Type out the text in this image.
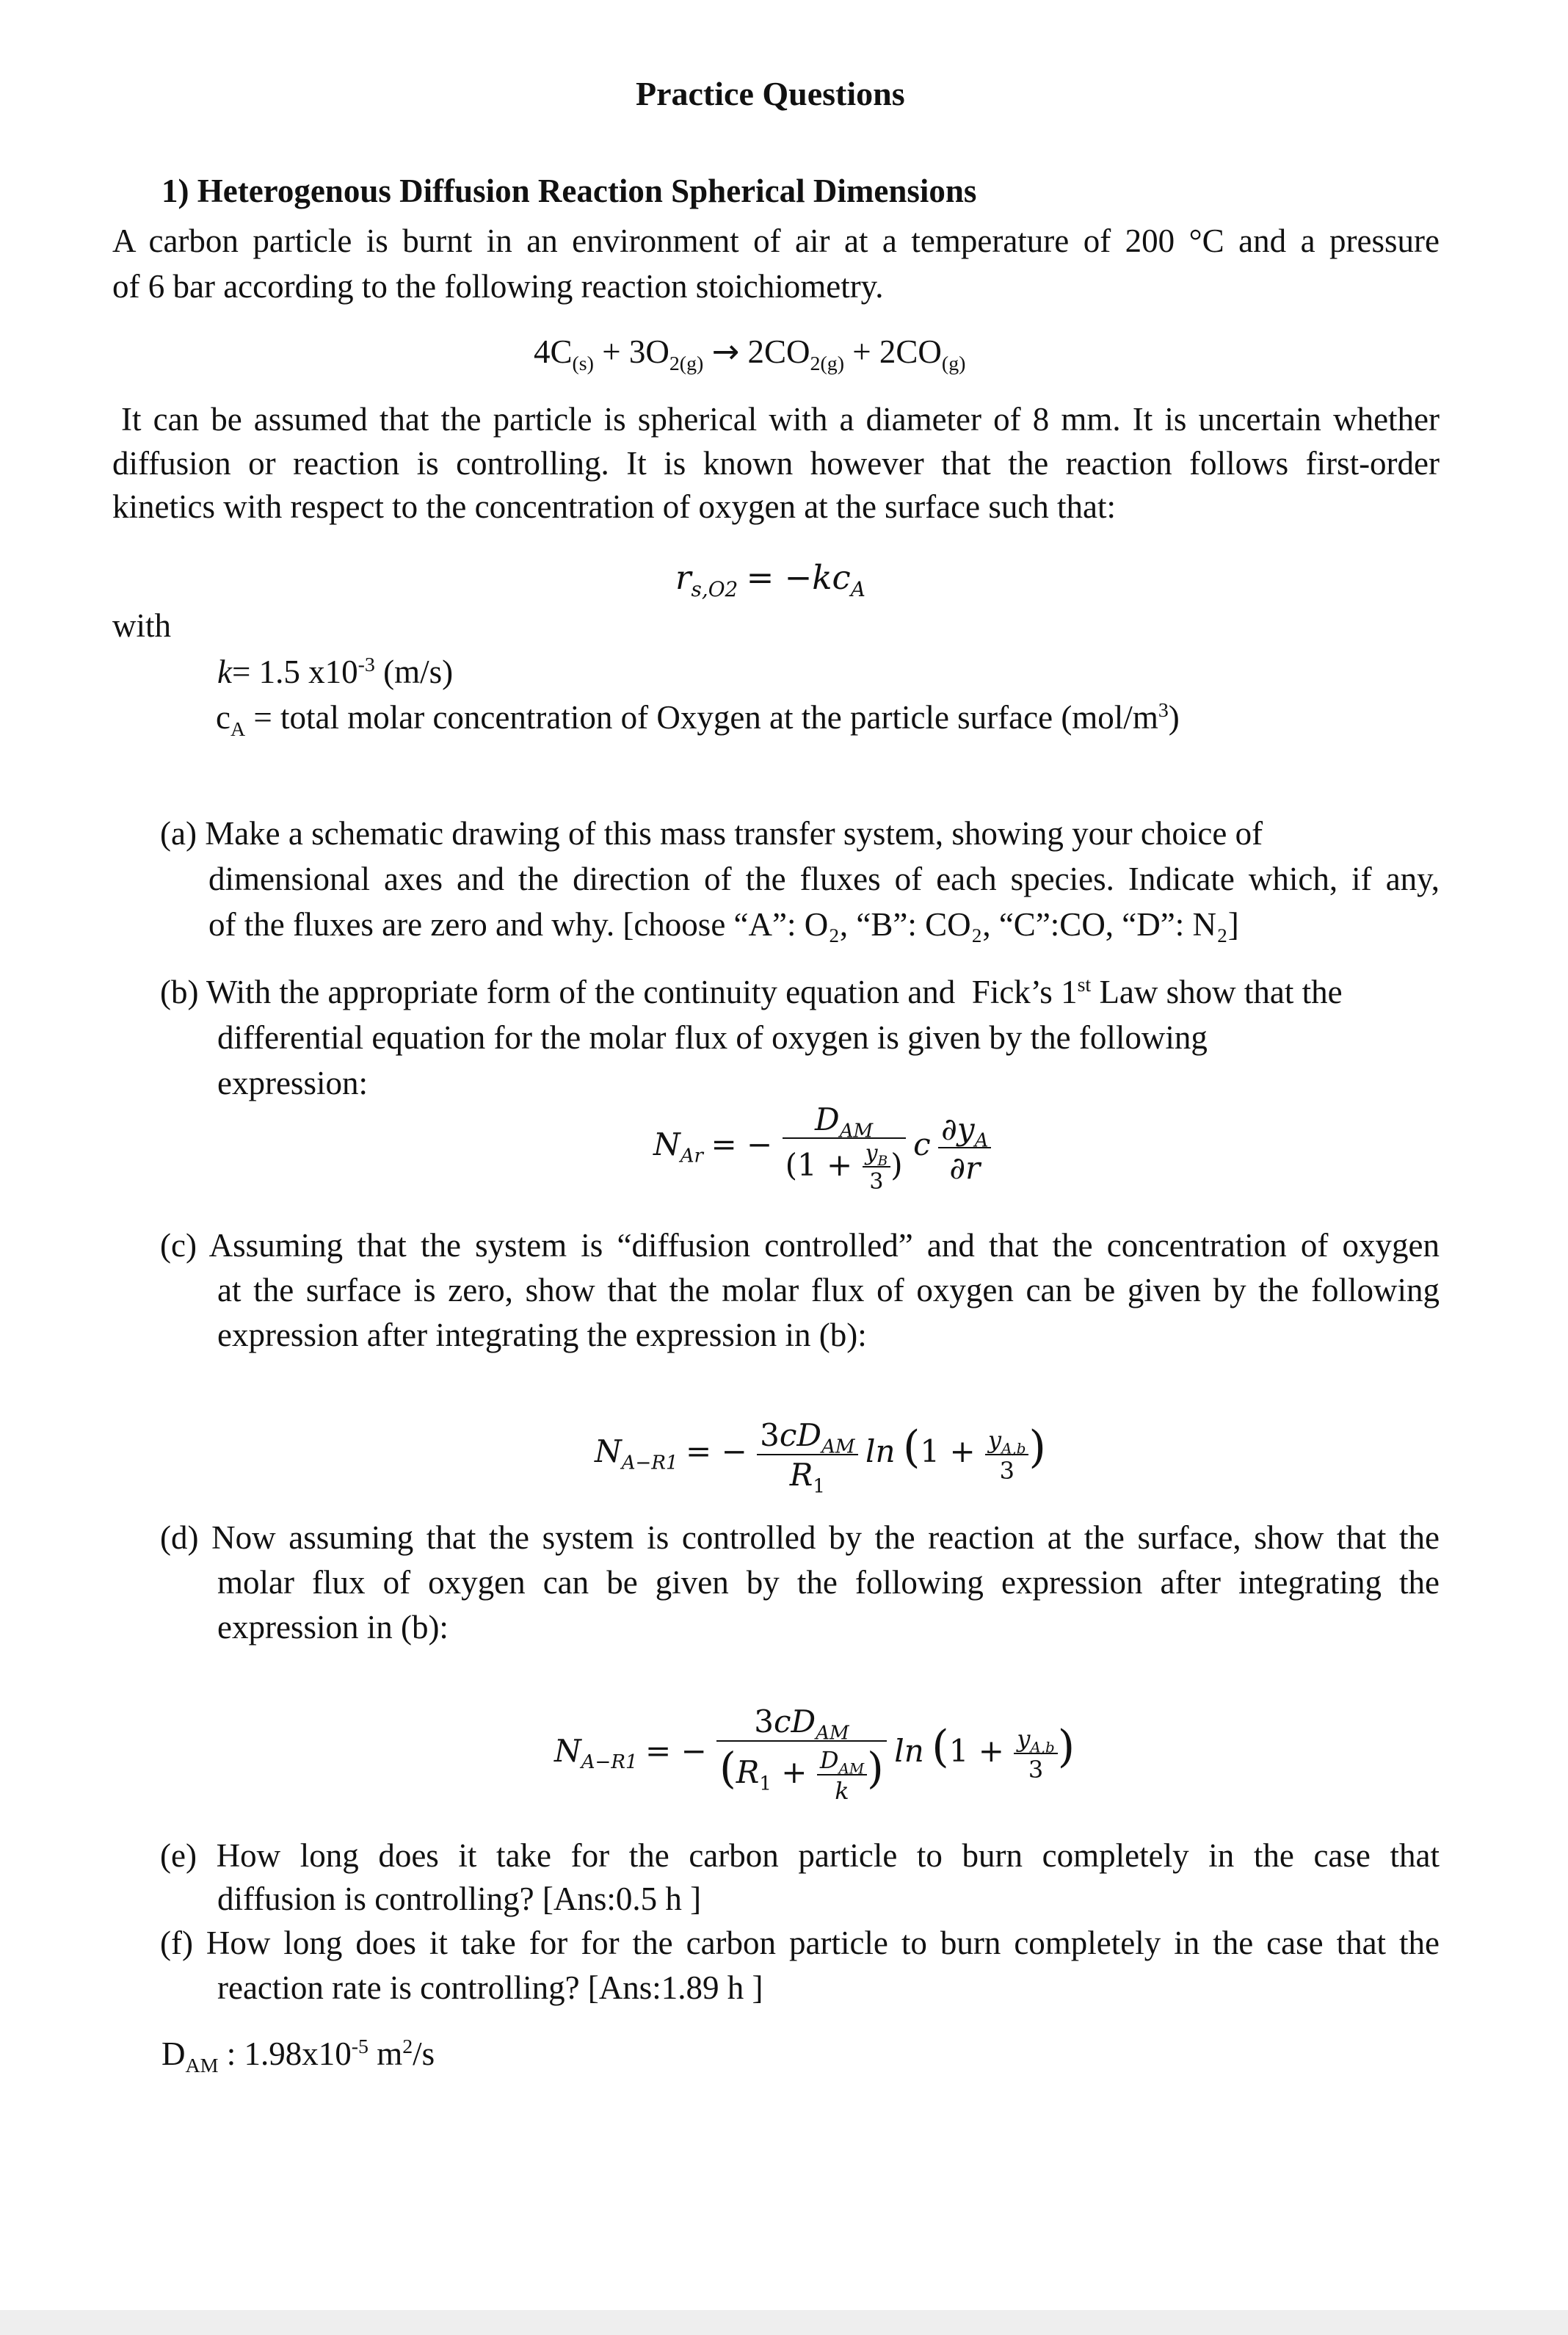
Practice Questions
1) Heterogenous Diffusion Reaction Spherical Dimensions
A carbon particle is burnt in an environment of air at a temperature of 200 °C and a pressure
of 6 bar according to the following reaction stoichiometry.
$4C_{(s)} + 3O_{2(g)} \to 2CO_{2(g)} + 2CO_{(g)}$
It can be assumed that the particle is spherical with a diameter of 8 mm. It is uncertain whether
diffusion or reaction is controlling. It is known however that the reaction follows first-order
kinetics with respect to the concentration of oxygen at the surface such that:
$r_{s,O2} = -kc_A$
with
k= 1.5 $x10^{-3}$ (m/s)
$c_A$ = total molar concentration of Oxygen at the particle surface $(mol/m^3)$
(a) Make a schematic drawing of this mass transfer system, showing your choice of
dimensional axes and the direction of the fluxes of each species. Indicate which, if any,
of the fluxes are zero and why. [choose “A”: O₂, “B”: CO₂, “C”:CO, “D”: N₂]
(b) With the appropriate form of the continuity equation and  Fick’s 1st Law show that the
differential equation for the molar flux of oxygen is given by the following
expression:
$N_{Ar}$ = − $\frac{D_{AM}}{(1 + \frac{y_B}{3} )}$ c $\frac{\partial y_A}{\partial r}$
(c) Assuming that the system is “diffusion controlled” and that the concentration of oxygen
at the surface is zero, show that the molar flux of oxygen can be given by the following
expression after integrating the expression in (b):
$N_{A-R1}$ = − $\frac{3cD_{AM}}{R_1}$ $\ln (1 + \frac{y_{A,b}}{3}$ )
(d) Now assuming that the system is controlled by the reaction at the surface, show that the
molar flux of oxygen can be given by the following expression after integrating the
expression in (b):
$N_{A-R1}$ = − $\frac{3cD_{AM}}{(R_1 + \frac{D_{AM}}{k} )}$ $\ln (1 + \frac{y_{A,b}}{3}$ )
(e) How long does it take for the carbon particle to burn completely in the case that
diffusion is controlling? [Ans:0.5 h ]
(f) How long does it take for for the carbon particle to burn completely in the case that the
reaction rate is controlling? [Ans:1.89 h ]
$D_{AM}$ : $1.98x10^{-5}$ $m^2/s$
